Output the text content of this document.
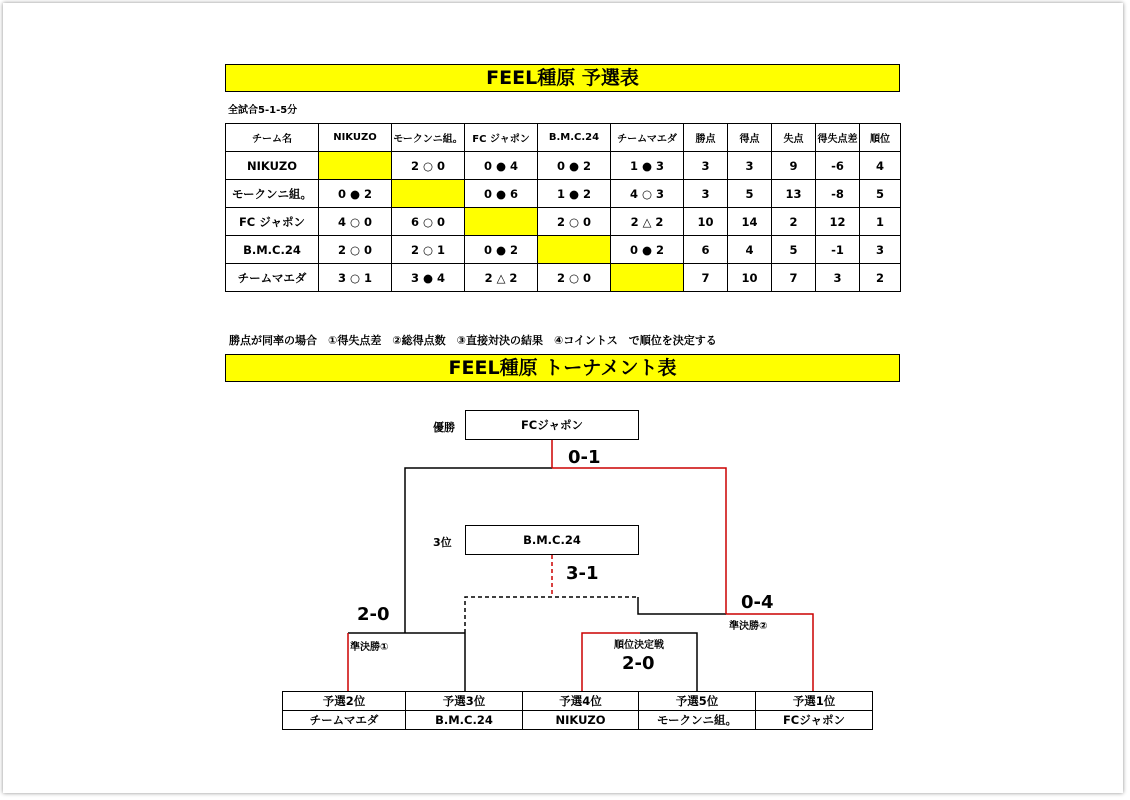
FEEL種原 予選表
全試合5-1-5分
チーム名	NIKUZO	モークンニ組。	FC ジャポン	B.M.C.24	チームマエダ	勝点	得点	失点	得失点差	順位
NIKUZO		2 ○ 0	0 ● 4	0 ● 2	1 ● 3	3	3	9	-6	4
モークンニ組。	0 ● 2		0 ● 6	1 ● 2	4 ○ 3	3	5	13	-8	5
FC ジャポン	4 ○ 0	6 ○ 0		2 ○ 0	2 △ 2	10	14	2	12	1
B.M.C.24	2 ○ 0	2 ○ 1	0 ● 2		0 ● 2	6	4	5	-1	3
チームマエダ	3 ○ 1	3 ● 4	2 △ 2	2 ○ 0		7	10	7	3	2
勝点が同率の場合　①得失点差　②総得点数　③直接対決の結果　④コイントス　で順位を決定する
FEEL種原 トーナメント表
優勝	FCジャポン
0-1
3位	B.M.C.24
3-1
2-0
準決勝①
0-4
準決勝②
順位決定戦
2-0
予選2位	予選3位	予選4位	予選5位	予選1位
チームマエダ	B.M.C.24	NIKUZO	モークンニ組。	FCジャポン
